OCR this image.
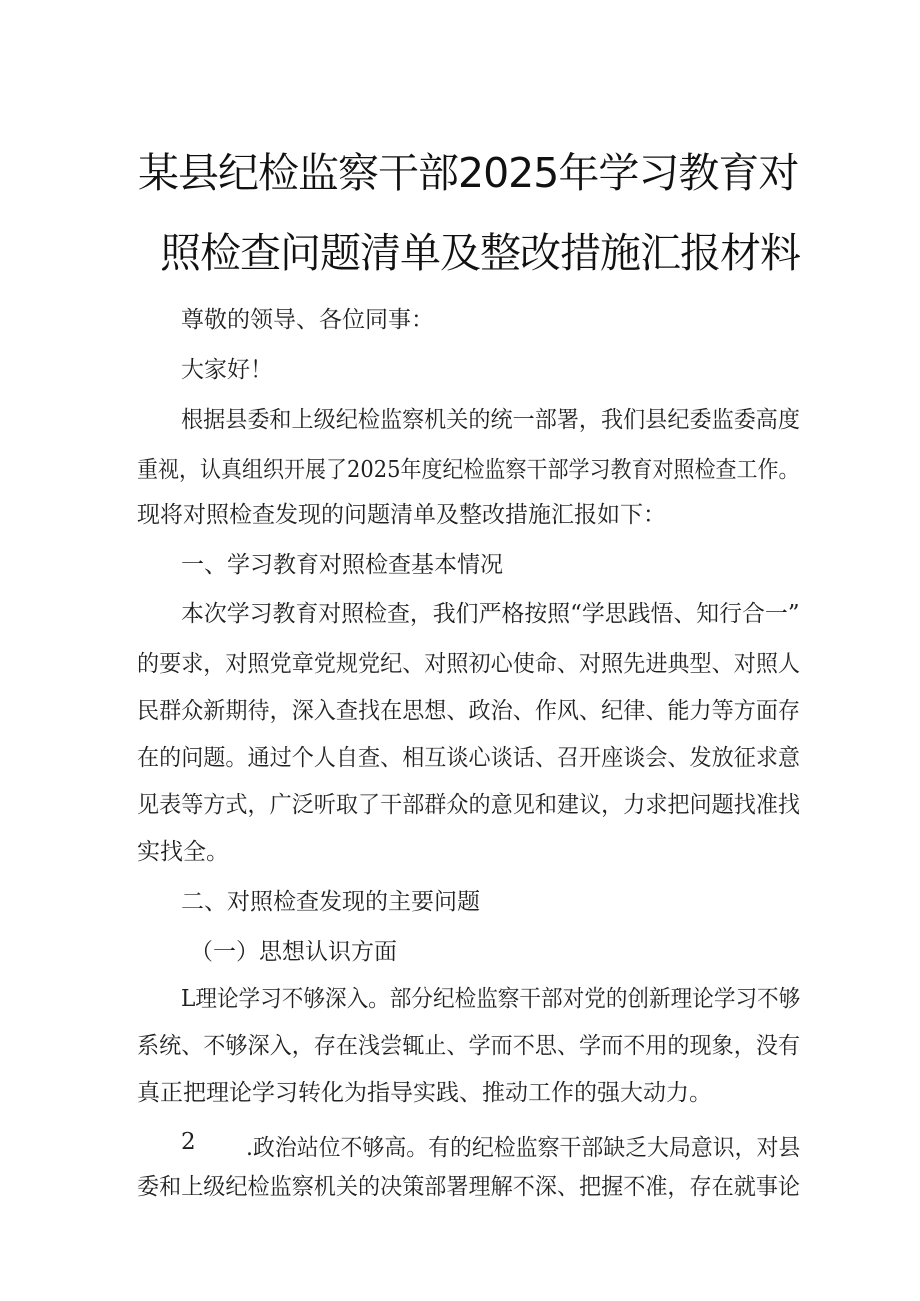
某县纪检监察干部2025年学习教育对
照检查问题清单及整改措施汇报材料
尊敬的领导、各位同事：
大家好！
根据县委和上级纪检监察机关的统一部署，我们县纪委监委高度
重视，认真组织开展了2025年度纪检监察干部学习教育对照检查工作。
现将对照检查发现的问题清单及整改措施汇报如下：
一、学习教育对照检查基本情况
本次学习教育对照检查，我们严格按照“学思践悟、知行合一”
的要求，对照党章党规党纪、对照初心使命、对照先进典型、对照人
民群众新期待，深入查找在思想、政治、作风、纪律、能力等方面存
在的问题。通过个人自查、相互谈心谈话、召开座谈会、发放征求意
见表等方式，广泛听取了干部群众的意见和建议，力求把问题找准找
实找全。
二、对照检查发现的主要问题
（一）思想认识方面
L理论学习不够深入。部分纪检监察干部对党的创新理论学习不够
系统、不够深入，存在浅尝辄止、学而不思、学而不用的现象，没有
真正把理论学习转化为指导实践、推动工作的强大动力。
2 .政治站位不够高。有的纪检监察干部缺乏大局意识，对县
委和上级纪检监察机关的决策部署理解不深、把握不准，存在就事论
